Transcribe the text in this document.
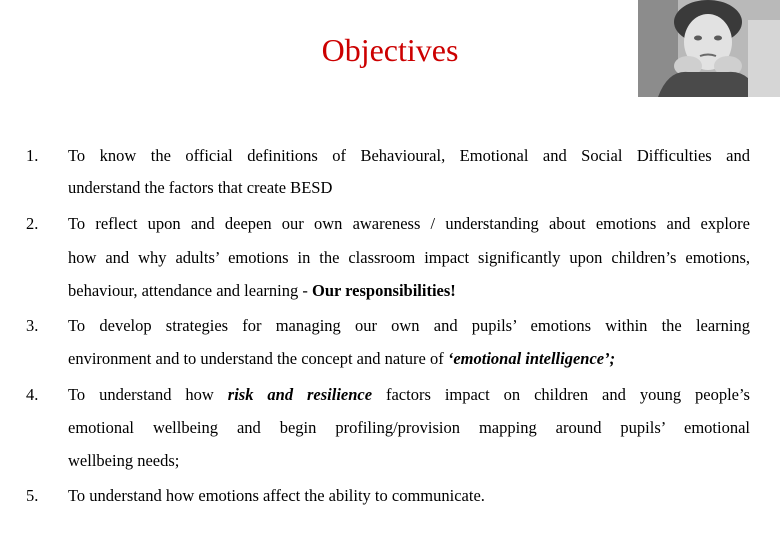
Objectives
1. To know the official definitions of Behavioural, Emotional and Social Difficulties and
understand the factors that create BESD
2. To reflect upon and deepen our own awareness / understanding about emotions and explore
how and why adults’ emotions in the classroom impact significantly upon children’s emotions,
behaviour, attendance and learning - Our responsibilities!
3. To develop strategies for managing our own and pupils’ emotions within the learning
environment and to understand the concept and nature of ‘emotional intelligence’;
4. To understand how risk and resilience factors impact on children and young people’s
emotional wellbeing and begin profiling/provision mapping around pupils’ emotional
wellbeing needs;
5. To understand how emotions affect the ability to communicate.
